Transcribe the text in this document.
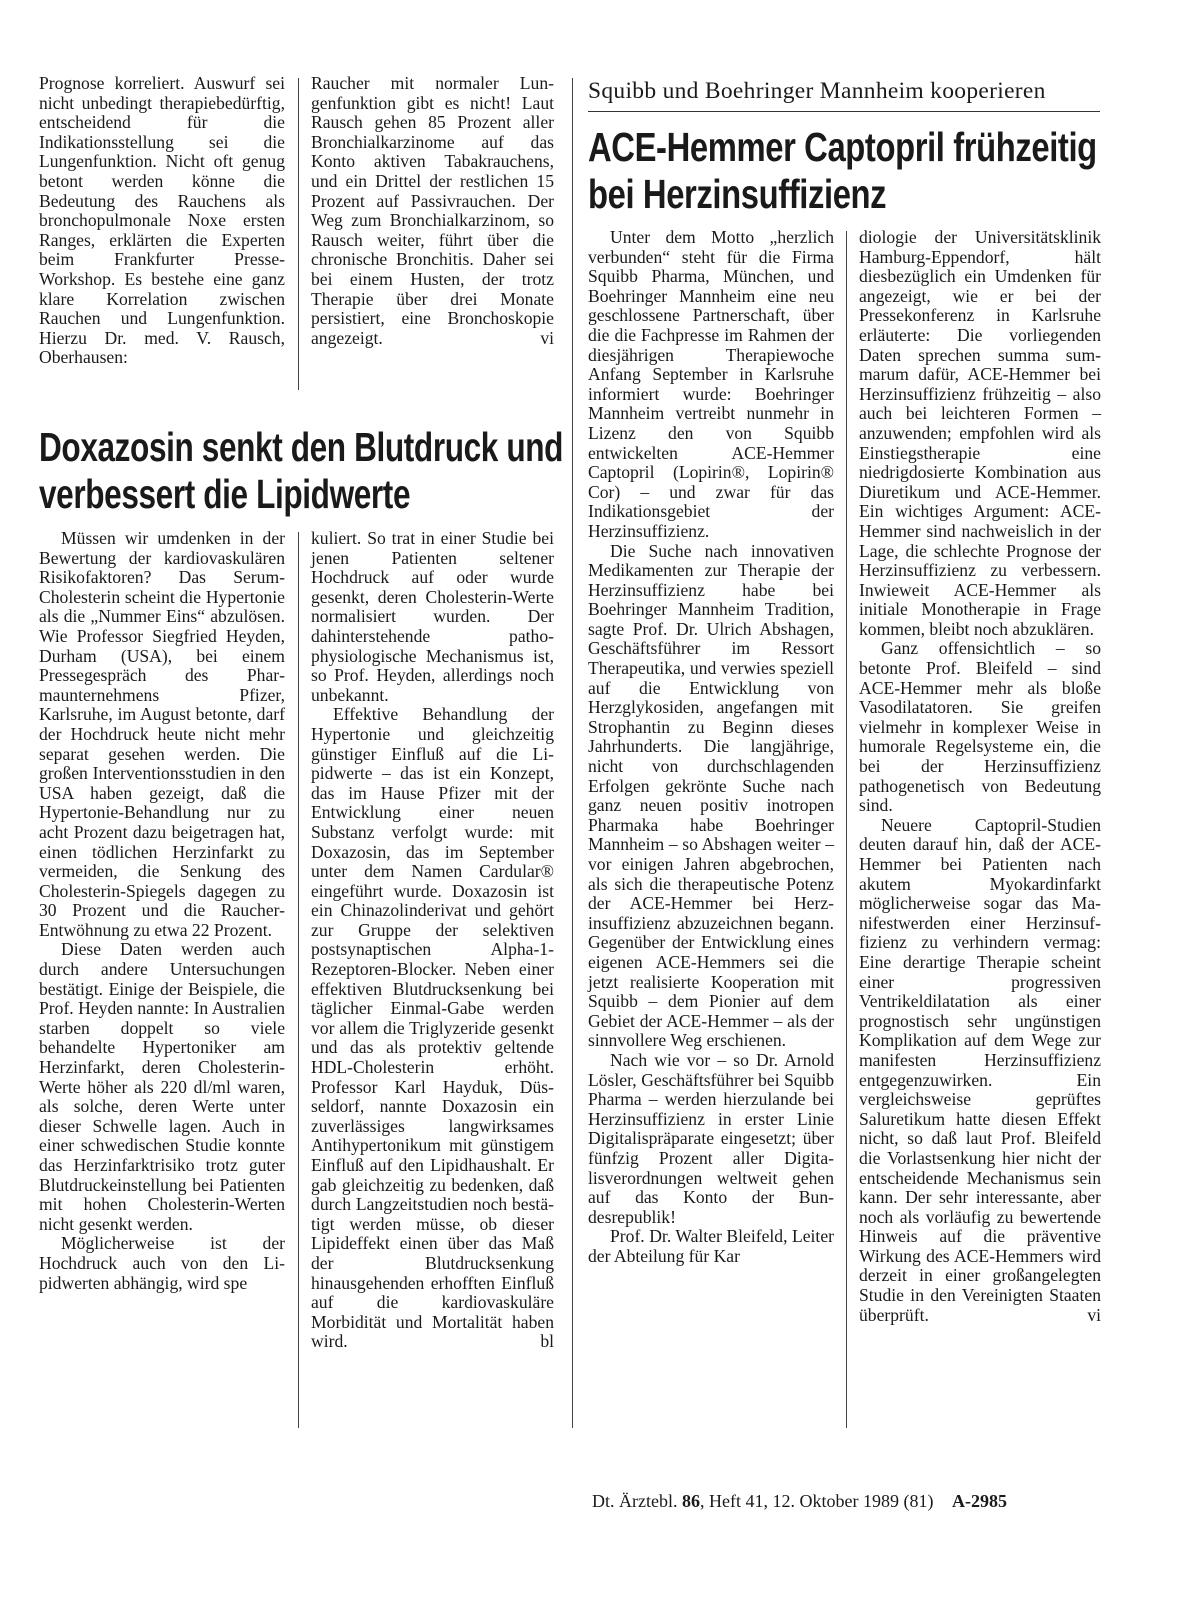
Prognose korreliert. Auswurf sei nicht unbedingt therapiebedürftig, entscheidend für die Indikationsstellung sei die Lungenfunktion. Nicht oft genug betont werden könne die Bedeutung des Rauchens als bronchopulmonale Noxe ersten Ranges, erklärten die Experten beim Frankfurter Presse-Workshop. Es bestehe eine ganz klare Korrelation zwischen Rauchen und Lungenfunktion. Hierzu Dr. med. V. Rausch, Oberhausen:

Raucher mit normaler Lungenfunktion gibt es nicht! Laut Rausch gehen 85 Prozent aller Bronchialkarzinome auf das Konto aktiven Tabakrauchens, und ein Drittel der restlichen 15 Prozent auf Passivrauchen. Der Weg zum Bronchialkarzinom, so Rausch weiter, führt über die chronische Bronchitis. Daher sei bei einem Husten, der trotz Therapie über drei Monate persistiert, eine Bronchoskopie angezeigt.	vi

Doxazosin senkt den Blutdruck und
verbessert die Lipidwerte

Müssen wir umdenken in der Bewertung der kardiovaskulären Risikofaktoren? Das Serum-Cholesterin scheint die Hypertonie als die „Nummer Eins“ abzulösen. Wie Professor Siegfried Heyden, Durham (USA), bei einem Pressegespräch des Pharmaunternehmens Pfizer, Karlsruhe, im August betonte, darf der Hochdruck heute nicht mehr separat gesehen werden. Die großen Interventionsstudien in den USA haben gezeigt, daß die Hypertonie-Behandlung nur zu acht Prozent dazu beigetragen hat, einen tödlichen Herzinfarkt zu vermeiden, die Senkung des Cholesterin-Spiegels dagegen zu 30 Prozent und die Raucher-Entwöhnung zu etwa 22 Prozent.

Diese Daten werden auch durch andere Untersuchungen bestätigt. Einige der Beispiele, die Prof. Heyden nannte: In Australien starben doppelt so viele behandelte Hypertoniker am Herzinfarkt, deren Cholesterin-Werte höher als 220 dl/ml waren, als solche, deren Werte unter dieser Schwelle lagen. Auch in einer schwedischen Studie konnte das Herzinfarktrisiko trotz guter Blutdruckeinstellung bei Patienten mit hohen Cholesterin-Werten nicht gesenkt werden.

Möglicherweise ist der Hochdruck auch von den Lipidwerten abhängig, wird spe

kuliert. So trat in einer Studie bei jenen Patienten seltener Hochdruck auf oder wurde gesenkt, deren Cholesterin-Werte normalisiert wurden. Der dahinterstehende pathophysiologische Mechanismus ist, so Prof. Heyden, allerdings noch unbekannt.

Effektive Behandlung der Hypertonie und gleichzeitig günstiger Einfluß auf die Lipidwerte – das ist ein Konzept, das im Hause Pfizer mit der Entwicklung einer neuen Substanz verfolgt wurde: mit Doxazosin, das im September unter dem Namen Cardular® eingeführt wurde. Doxazosin ist ein Chinazolinderivat und gehört zur Gruppe der selektiven postsynaptischen Alpha-1-Rezeptoren-Blocker. Neben einer effektiven Blutdrucksenkung bei täglicher Einmal-Gabe werden vor allem die Triglyzeride gesenkt und das als protektiv geltende HDL-Cholesterin erhöht. Professor Karl Hayduk, Düsseldorf, nannte Doxazosin ein zuverlässiges langwirksames Antihypertonikum mit günstigem Einfluß auf den Lipidhaushalt. Er gab gleichzeitig zu bedenken, daß durch Langzeitstudien noch bestätigt werden müsse, ob dieser Lipideffekt einen über das Maß der Blutdrucksenkung hinausgehenden erhofften Einfluß auf die kardiovaskuläre Morbidität und Mortalität haben wird.	bl

Squibb und Boehringer Mannheim kooperieren
ACE-Hemmer Captopril frühzeitig
bei Herzinsuffizienz

Unter dem Motto „herzlich verbunden“ steht für die Firma Squibb Pharma, München, und Boehringer Mannheim eine neu geschlossene Partnerschaft, über die die Fachpresse im Rahmen der diesjährigen Therapiewoche Anfang September in Karlsruhe informiert wurde: Boehringer Mannheim vertreibt nunmehr in Lizenz den von Squibb entwickelten ACE-Hemmer Captopril (Lopirin®, Lopirin® Cor) – und zwar für das Indikationsgebiet der Herzinsuffizienz.

Die Suche nach innovativen Medikamenten zur Therapie der Herzinsuffizienz habe bei Boehringer Mannheim Tradition, sagte Prof. Dr. Ulrich Abshagen, Geschäftsführer im Ressort Therapeutika, und verwies speziell auf die Entwicklung von Herzglykosiden, angefangen mit Strophantin zu Beginn dieses Jahrhunderts. Die langjährige, nicht von durchschlagenden Erfolgen gekrönte Suche nach ganz neuen positiv inotropen Pharmaka habe Boehringer Mannheim – so Abshagen weiter – vor einigen Jahren abgebrochen, als sich die therapeutische Potenz der ACE-Hemmer bei Herzinsuffizienz abzuzeichnen begann. Gegenüber der Entwicklung eines eigenen ACE-Hemmers sei die jetzt realisierte Kooperation mit Squibb – dem Pionier auf dem Gebiet der ACE-Hemmer – als der sinnvollere Weg erschienen.

Nach wie vor – so Dr. Arnold Lösler, Geschäftsführer bei Squibb Pharma – werden hierzulande bei Herzinsuffizienz in erster Linie Digitalispräparate eingesetzt; über fünfzig Prozent aller Digitalisverordnungen weltweit gehen auf das Konto der Bundesrepublik!

Prof. Dr. Walter Bleifeld, Leiter der Abteilung für Kar

diologie der Universitätsklinik Hamburg-Eppendorf, hält diesbezüglich ein Umdenken für angezeigt, wie er bei der Pressekonferenz in Karlsruhe erläuterte: Die vorliegenden Daten sprechen summa summarum dafür, ACE-Hemmer bei Herzinsuffizienz frühzeitig – also auch bei leichteren Formen – anzuwenden; empfohlen wird als Einstiegstherapie eine niedrigdosierte Kombination aus Diuretikum und ACE-Hemmer. Ein wichtiges Argument: ACE-Hemmer sind nachweislich in der Lage, die schlechte Prognose der Herzinsuffizienz zu verbessern. Inwieweit ACE-Hemmer als initiale Monotherapie in Frage kommen, bleibt noch abzuklären.

Ganz offensichtlich – so betonte Prof. Bleifeld – sind ACE-Hemmer mehr als bloße Vasodilatatoren. Sie greifen vielmehr in komplexer Weise in humorale Regelsysteme ein, die bei der Herzinsuffizienz pathogenetisch von Bedeutung sind.

Neuere Captopril-Studien deuten darauf hin, daß der ACE-Hemmer bei Patienten nach akutem Myokardinfarkt möglicherweise sogar das Manifestwerden einer Herzinsuffizienz zu verhindern vermag: Eine derartige Therapie scheint einer progressiven Ventrikeldilatation als einer prognostisch sehr ungünstigen Komplikation auf dem Wege zur manifesten Herzinsuffizienz entgegenzuwirken. Ein vergleichsweise geprüftes Saluretikum hatte diesen Effekt nicht, so daß laut Prof. Bleifeld die Vorlastsenkung hier nicht der entscheidende Mechanismus sein kann. Der sehr interessante, aber noch als vorläufig zu bewertende Hinweis auf die präventive Wirkung des ACE-Hemmers wird derzeit in einer großangelegten Studie in den Vereinigten Staaten überprüft.	vi

Dt. Ärztebl. 86, Heft 41, 12. Oktober 1989 (81) A-2985
